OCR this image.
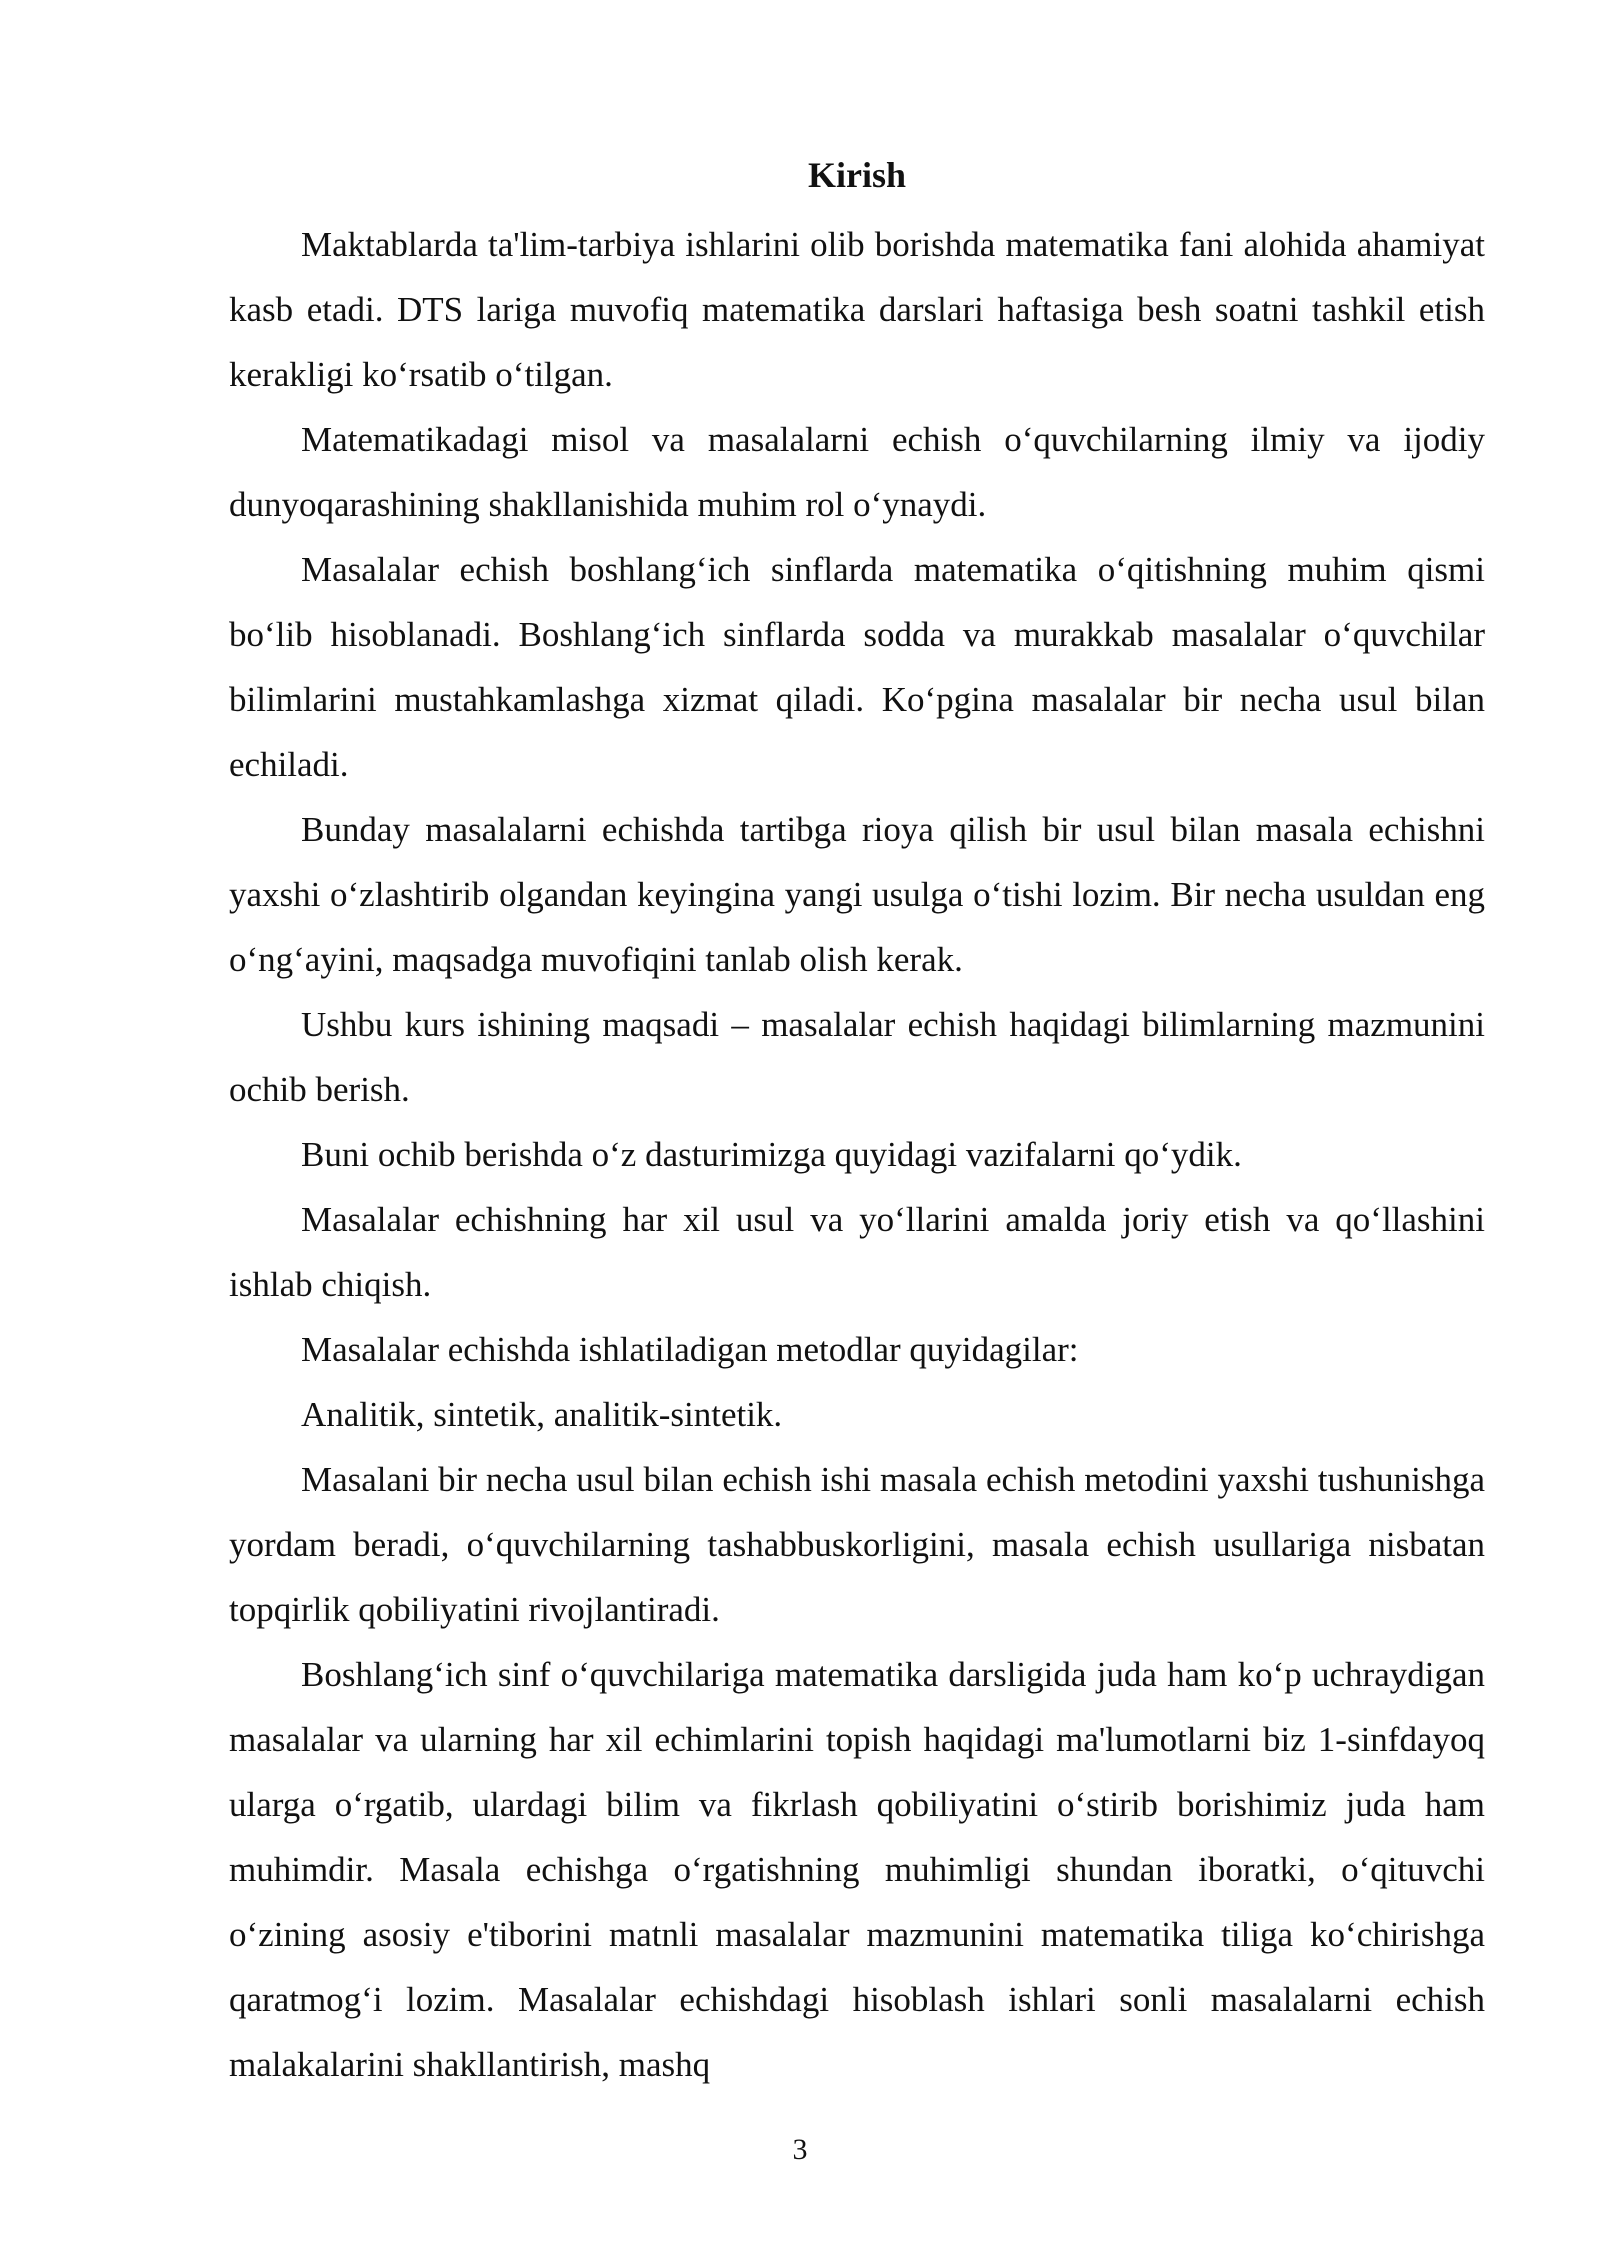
Kirish

Maktablarda ta'lim-tarbiya ishlarini olib borishda matematika fani alohida ahamiyat kasb etadi. DTS lariga muvofiq matematika darslari haftasiga besh soatni tashkil etish kerakligi ko‘rsatib o‘tilgan.

Matematikadagi misol va masalalarni echish o‘quvchilarning ilmiy va ijodiy dunyoqarashining shakllanishida muhim rol o‘ynaydi.

Masalalar echish boshlang‘ich sinflarda matematika o‘qitishning muhim qismi bo‘lib hisoblanadi. Boshlang‘ich sinflarda sodda va murakkab masalalar o‘quvchilar bilimlarini mustahkamlashga xizmat qiladi. Ko‘pgina masalalar bir necha usul bilan echiladi.

Bunday masalalarni echishda tartibga rioya qilish bir usul bilan masala echishni yaxshi o‘zlashtirib olgandan keyingina yangi usulga o‘tishi lozim. Bir necha usuldan eng o‘ng‘ayini, maqsadga muvofiqini tanlab olish kerak.

Ushbu kurs ishining maqsadi – masalalar echish haqidagi bilimlarning mazmunini ochib berish.

Buni ochib berishda o‘z dasturimizga quyidagi vazifalarni qo‘ydik.

Masalalar echishning har xil usul va yo‘llarini amalda joriy etish va qo‘llashini ishlab chiqish.

Masalalar echishda ishlatiladigan metodlar quyidagilar:

Analitik, sintetik, analitik-sintetik.

Masalani bir necha usul bilan echish ishi masala echish metodini yaxshi tushunishga yordam beradi, o‘quvchilarning tashabbuskorligini, masala echish usullariga nisbatan topqirlik qobiliyatini rivojlantiradi.

Boshlang‘ich sinf o‘quvchilariga matematika darsligida juda ham ko‘p uchraydigan masalalar va ularning har xil echimlarini topish haqidagi ma'lumotlarni biz 1-sinfdayoq ularga o‘rgatib, ulardagi bilim va fikrlash qobiliyatini o‘stirib borishimiz juda ham muhimdir. Masala echishga o‘rgatishning muhimligi shundan iboratki, o‘qituvchi o‘zining asosiy e'tiborini matnli masalalar mazmunini matematika tiliga ko‘chirishga qaratmog‘i lozim. Masalalar echishdagi hisoblash ishlari sonli masalalarni echish malakalarini shakllantirish, mashq

3
